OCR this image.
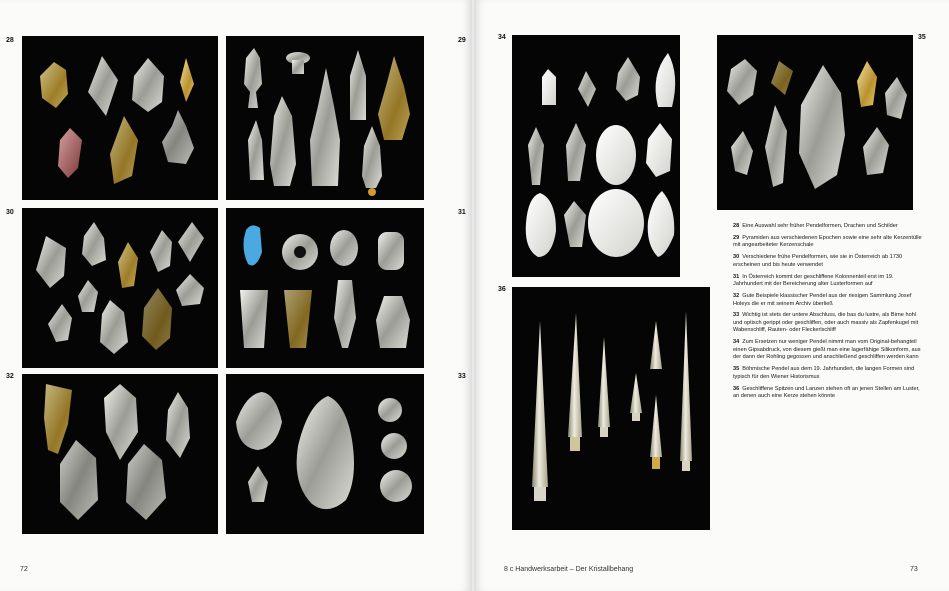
28	29
30	31
32	33
72
34	35
36
8 c Handwerksarbeit – Der Kristallbehang	73

28 Eine Auswahl sehr früher Pendelformen, Drachen und Schilder

29 Pyramiden aus verschiedenen Epochen sowie eine sehr alte Kerzentülle mit angearbeiteter Kerzenschale

30 Verschiedene frühe Pendelformen, wie sie in Österreich ab 1730 erscheinen und bis heute verwendet

31 In Österreich kommt der geschliffene Kolonnenteil erst im 19. Jahrhundert mit der Bereicherung alter Lusterformen auf

32 Gute Beispiele klassischer Pendel aus der riesigen Sammlung Josef Holeys die er mit seinem Archiv überließ

33 Wichtig ist stets der untere Abschluss, die bas du lustre, als Birne hohl und optisch gerippt oder geschliffen, oder auch massiv als Zapfenkugel mit Wabenschliff, Rauten- oder Fleckerlschliff

34 Zum Ersetzen nur weniger Pendel nimmt man vom Original-behangteil einen Gipsabdruck, von diesem gießt man eine lagerfähige Silikonform, aus der dann der Rohling gegossen und anschließend geschliffen werden kann

35 Böhmische Pendel aus dem 19. Jahrhundert, die langen Formen sind typisch für den Wiener Historismus

36 Geschliffene Spitzen und Lanzen stehen oft an jenen Stellen am Luster, an denen auch eine Kerze stehen könnte
